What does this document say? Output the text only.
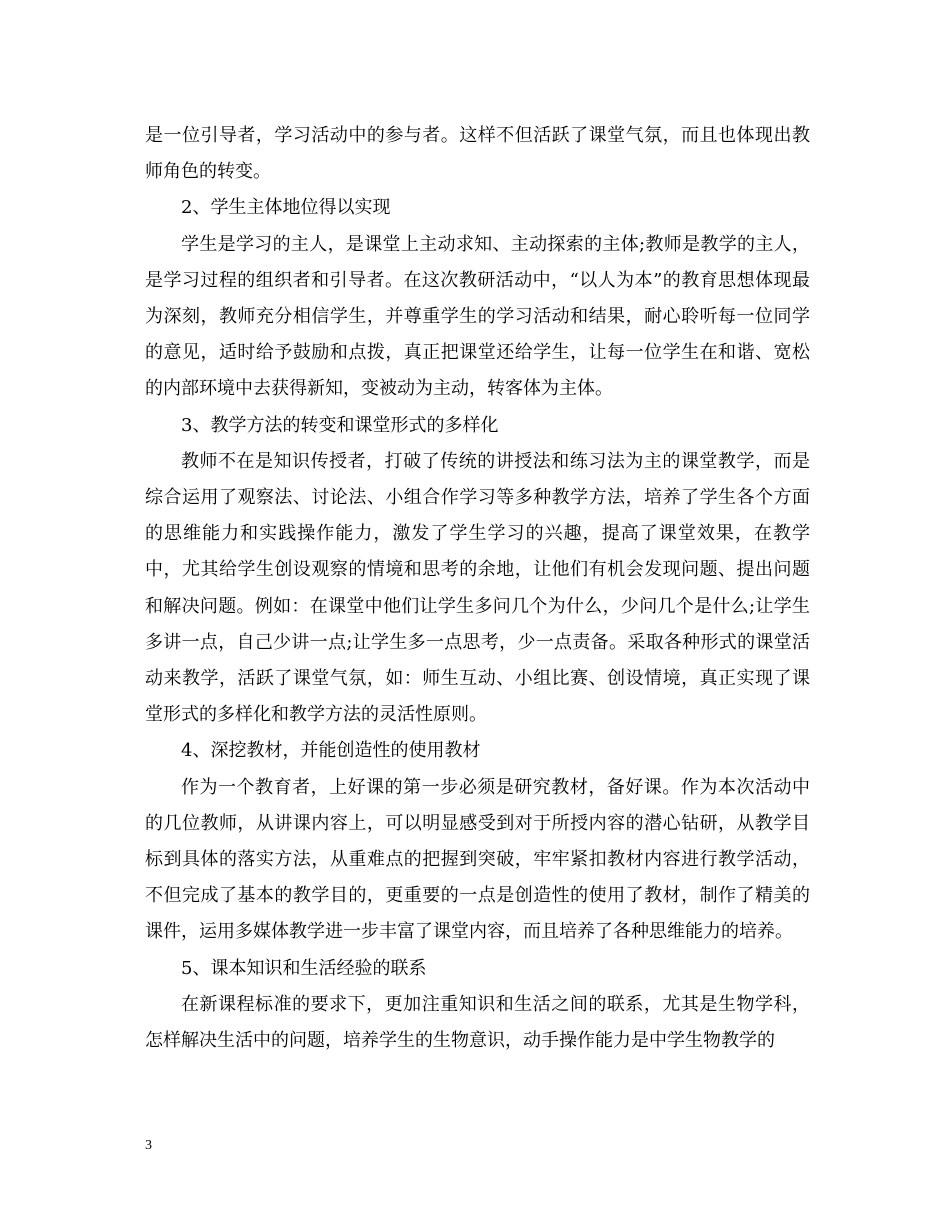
是一位引导者，学习活动中的参与者。这样不但活跃了课堂气氛，而且也体现出教师角色的转变。

2、学生主体地位得以实现

学生是学习的主人，是课堂上主动求知、主动探索的主体;教师是教学的主人，是学习过程的组织者和引导者。在这次教研活动中，“以人为本”的教育思想体现最为深刻，教师充分相信学生，并尊重学生的学习活动和结果，耐心聆听每一位同学的意见，适时给予鼓励和点拨，真正把课堂还给学生，让每一位学生在和谐、宽松的内部环境中去获得新知，变被动为主动，转客体为主体。

3、教学方法的转变和课堂形式的多样化

教师不在是知识传授者，打破了传统的讲授法和练习法为主的课堂教学，而是综合运用了观察法、讨论法、小组合作学习等多种教学方法，培养了学生各个方面的思维能力和实践操作能力，激发了学生学习的兴趣，提高了课堂效果，在教学中，尤其给学生创设观察的情境和思考的余地，让他们有机会发现问题、提出问题和解决问题。例如：在课堂中他们让学生多问几个为什么，少问几个是什么;让学生多讲一点，自己少讲一点;让学生多一点思考，少一点责备。采取各种形式的课堂活动来教学，活跃了课堂气氛，如：师生互动、小组比赛、创设情境，真正实现了课堂形式的多样化和教学方法的灵活性原则。

4、深挖教材，并能创造性的使用教材

作为一个教育者，上好课的第一步必须是研究教材，备好课。作为本次活动中的几位教师，从讲课内容上，可以明显感受到对于所授内容的潜心钻研，从教学目标到具体的落实方法，从重难点的把握到突破，牢牢紧扣教材内容进行教学活动，不但完成了基本的教学目的，更重要的一点是创造性的使用了教材，制作了精美的课件，运用多媒体教学进一步丰富了课堂内容，而且培养了各种思维能力的培养。

5、课本知识和生活经验的联系

在新课程标准的要求下，更加注重知识和生活之间的联系，尤其是生物学科，怎样解决生活中的问题，培养学生的生物意识，动手操作能力是中学生物教学的

3
